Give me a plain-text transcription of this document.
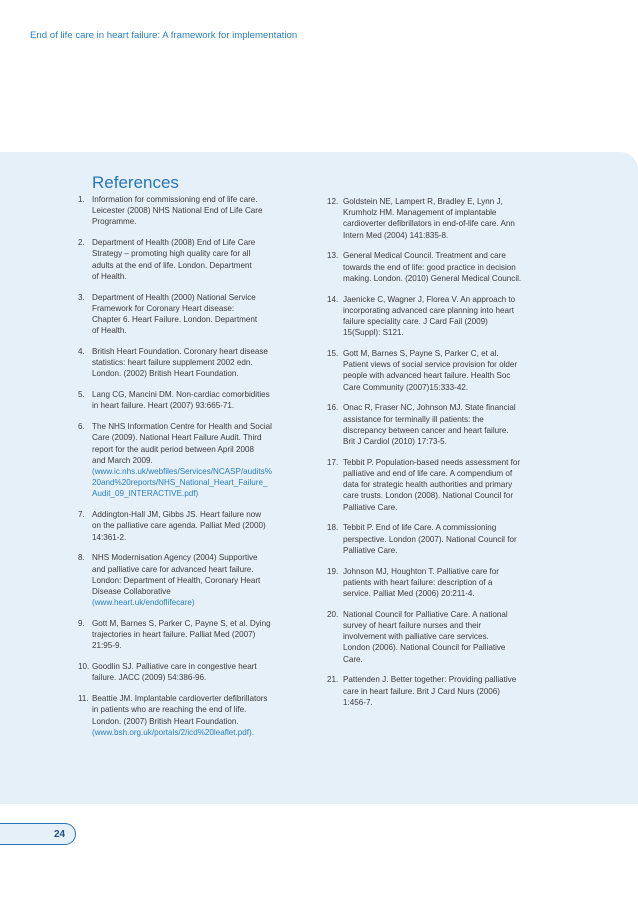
End of life care in heart failure: A framework for implementation
References
1. Information for commissioning end of life care.
Leicester (2008) NHS National End of Life Care
Programme.
2. Department of Health (2008) End of Life Care
Strategy – promoting high quality care for all
adults at the end of life. London. Department
of Health.
3. Department of Health (2000) National Service
Framework for Coronary Heart disease:
Chapter 6. Heart Failure. London. Department
of Health.
4. British Heart Foundation. Coronary heart disease
statistics: heart failure supplement 2002 edn.
London. (2002) British Heart Foundation.
5. Lang CG, Mancini DM. Non-cardiac comorbidities
in heart failure. Heart (2007) 93:665-71.
6. The NHS Information Centre for Health and Social
Care (2009). National Heart Failure Audit. Third
report for the audit period between April 2008
and March 2009.
(www.ic.nhs.uk/webfiles/Services/NCASP/audits%
20and%20reports/NHS_National_Heart_Failure_
Audit_09_INTERACTIVE.pdf)
7. Addington-Hall JM, Gibbs JS. Heart failure now
on the palliative care agenda. Palliat Med (2000)
14:361-2.
8. NHS Modernisation Agency (2004) Supportive
and palliative care for advanced heart failure.
London: Department of Health, Coronary Heart
Disease Collaborative
(www.heart.uk/endoflifecare)
9. Gott M, Barnes S, Parker C, Payne S, et al. Dying
trajectories in heart failure. Palliat Med (2007)
21:95-9.
10. Goodlin SJ. Palliative care in congestive heart
failure. JACC (2009) 54:386-96.
11. Beattie JM. Implantable cardioverter defibrillators
in patients who are reaching the end of life.
London. (2007) British Heart Foundation.
(www.bsh.org.uk/portals/2/icd%20leaflet.pdf).
12. Goldstein NE, Lampert R, Bradley E, Lynn J,
Krumholz HM. Management of implantable
cardioverter defibrillators in end-of-life care. Ann
Intern Med (2004) 141:835-8.
13. General Medical Council. Treatment and care
towards the end of life: good practice in decision
making. London. (2010) General Medical Council.
14. Jaenicke C, Wagner J, Florea V. An approach to
incorporating advanced care planning into heart
failure speciality care. J Card Fail (2009)
15(Suppl): S121.
15. Gott M, Barnes S, Payne S, Parker C, et al.
Patient views of social service provision for older
people with advanced heart failure. Health Soc
Care Community (2007)15:333-42.
16. Onac R, Fraser NC, Johnson MJ. State financial
assistance for terminally ill patients: the
discrepancy between cancer and heart failure.
Brit J Cardiol (2010) 17:73-5.
17. Tebbit P. Population-based needs assessment for
palliative and end of life care. A compendium of
data for strategic health authorities and primary
care trusts. London (2008). National Council for
Palliative Care.
18. Tebbit P. End of life Care. A commissioning
perspective. London (2007). National Council for
Palliative Care.
19. Johnson MJ, Houghton T. Palliative care for
patients with heart failure: description of a
service. Palliat Med (2006) 20:211-4.
20. National Council for Palliative Care. A national
survey of heart failure nurses and their
involvement with palliative care services.
London (2006). National Council for Palliative
Care.
21. Pattenden J. Better together: Providing palliative
care in heart failure. Brit J Card Nurs (2006)
1:456-7.
24
